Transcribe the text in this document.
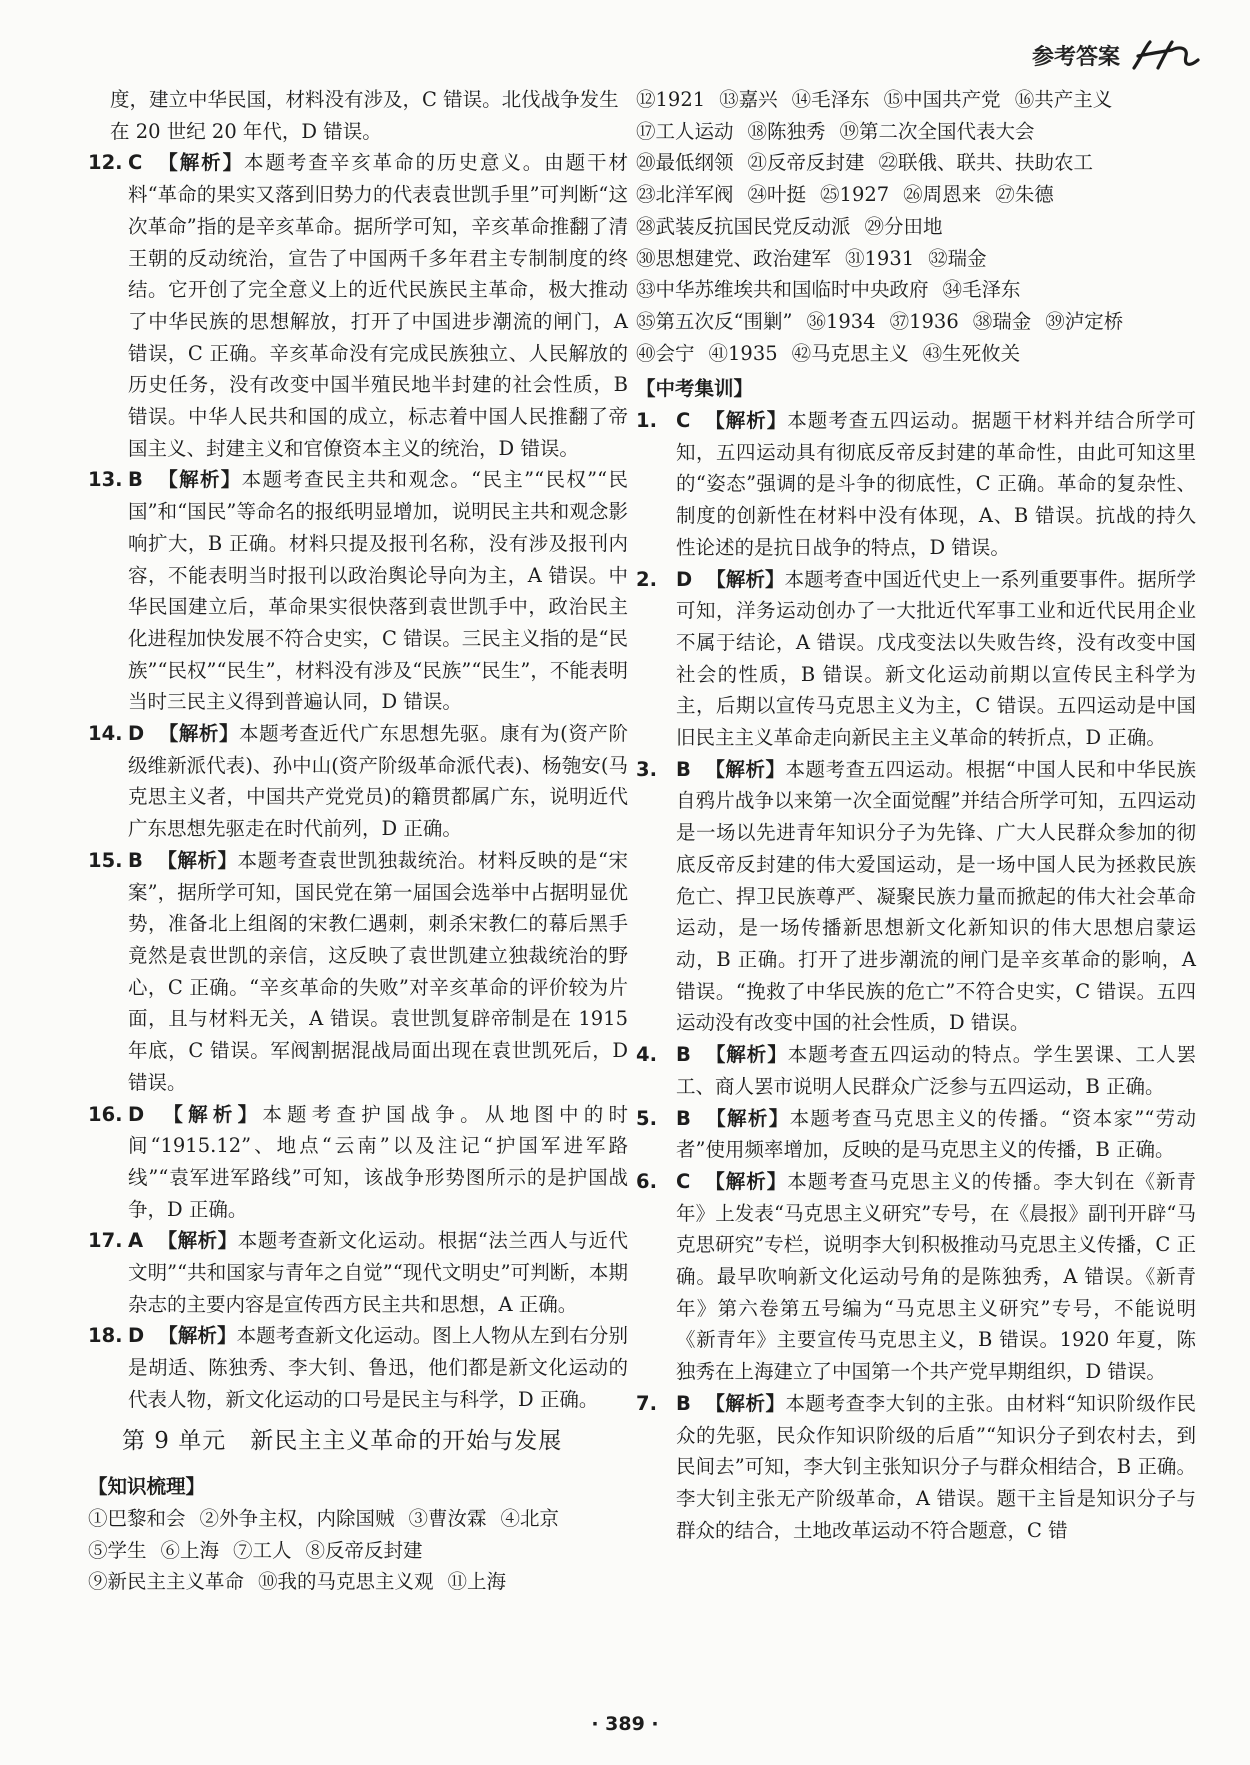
参考答案

度，建立中华民国，材料没有涉及，C 错误。北伐战争发生在 20 世纪 20 年代，D 错误。

12. C 【解析】本题考查辛亥革命的历史意义。由题干材料“革命的果实又落到旧势力的代表袁世凯手里”可判断“这次革命”指的是辛亥革命。据所学可知，辛亥革命推翻了清王朝的反动统治，宣告了中国两千多年君主专制制度的终结。它开创了完全意义上的近代民族民主革命，极大推动了中华民族的思想解放，打开了中国进步潮流的闸门，A 错误，C 正确。辛亥革命没有完成民族独立、人民解放的历史任务，没有改变中国半殖民地半封建的社会性质，B 错误。中华人民共和国的成立，标志着中国人民推翻了帝国主义、封建主义和官僚资本主义的统治，D 错误。
13. B 【解析】本题考查民主共和观念。“民主”“民权”“民国”和“国民”等命名的报纸明显增加，说明民主共和观念影响扩大，B 正确。材料只提及报刊名称，没有涉及报刊内容，不能表明当时报刊以政治舆论导向为主，A 错误。中华民国建立后，革命果实很快落到袁世凯手中，政治民主化进程加快发展不符合史实，C 错误。三民主义指的是“民族”“民权”“民生”，材料没有涉及“民族”“民生”，不能表明当时三民主义得到普遍认同，D 错误。
14. D 【解析】本题考查近代广东思想先驱。康有为(资产阶级维新派代表)、孙中山(资产阶级革命派代表)、杨匏安(马克思主义者，中国共产党党员)的籍贯都属广东，说明近代广东思想先驱走在时代前列，D 正确。
15. B 【解析】本题考查袁世凯独裁统治。材料反映的是“宋案”，据所学可知，国民党在第一届国会选举中占据明显优势，准备北上组阁的宋教仁遇刺，刺杀宋教仁的幕后黑手竟然是袁世凯的亲信，这反映了袁世凯建立独裁统治的野心，C 正确。“辛亥革命的失败”对辛亥革命的评价较为片面，且与材料无关，A 错误。袁世凯复辟帝制是在 1915 年底，C 错误。军阀割据混战局面出现在袁世凯死后，D 错误。
16. D 【解析】本题考查护国战争。从地图中的时间“1915.12”、地点“云南”以及注记“护国军进军路线”“袁军进军路线”可知，该战争形势图所示的是护国战争，D 正确。
17. A 【解析】本题考查新文化运动。根据“法兰西人与近代文明”“共和国家与青年之自觉”“现代文明史”可判断，本期杂志的主要内容是宣传西方民主共和思想，A 正确。
18. D 【解析】本题考查新文化运动。图上人物从左到右分别是胡适、陈独秀、李大钊、鲁迅，他们都是新文化运动的代表人物，新文化运动的口号是民主与科学，D 正确。
第 9 单元　新民主主义革命的开始与发展
【知识梳理】

①巴黎和会 ②外争主权，内除国贼 ③曹汝霖 ④北京

⑤学生 ⑥上海 ⑦工人 ⑧反帝反封建

⑨新民主主义革命 ⑩我的马克思主义观 ⑪上海

⑫1921 ⑬嘉兴 ⑭毛泽东 ⑮中国共产党 ⑯共产主义

⑰工人运动 ⑱陈独秀 ⑲第二次全国代表大会

⑳最低纲领 ㉑反帝反封建 ㉒联俄、联共、扶助农工

㉓北洋军阀 ㉔叶挺 ㉕1927 ㉖周恩来 ㉗朱德

㉘武装反抗国民党反动派 ㉙分田地

㉚思想建党、政治建军 ㉛1931 ㉜瑞金

㉝中华苏维埃共和国临时中央政府 ㉞毛泽东

㉟第五次反“围剿” ㊱1934 ㊲1936 ㊳瑞金 ㊴泸定桥

㊵会宁 ㊶1935 ㊷马克思主义 ㊸生死攸关

【中考集训】
1. C 【解析】本题考查五四运动。据题干材料并结合所学可知，五四运动具有彻底反帝反封建的革命性，由此可知这里的“姿态”强调的是斗争的彻底性，C 正确。革命的复杂性、制度的创新性在材料中没有体现，A、B 错误。抗战的持久性论述的是抗日战争的特点，D 错误。
2. D 【解析】本题考查中国近代史上一系列重要事件。据所学可知，洋务运动创办了一大批近代军事工业和近代民用企业不属于结论，A 错误。戊戌变法以失败告终，没有改变中国社会的性质，B 错误。新文化运动前期以宣传民主科学为主，后期以宣传马克思主义为主，C 错误。五四运动是中国旧民主主义革命走向新民主主义革命的转折点，D 正确。
3. B 【解析】本题考查五四运动。根据“中国人民和中华民族自鸦片战争以来第一次全面觉醒”并结合所学可知，五四运动是一场以先进青年知识分子为先锋、广大人民群众参加的彻底反帝反封建的伟大爱国运动，是一场中国人民为拯救民族危亡、捍卫民族尊严、凝聚民族力量而掀起的伟大社会革命运动，是一场传播新思想新文化新知识的伟大思想启蒙运动，B 正确。打开了进步潮流的闸门是辛亥革命的影响，A 错误。“挽救了中华民族的危亡”不符合史实，C 错误。五四运动没有改变中国的社会性质，D 错误。
4. B 【解析】本题考查五四运动的特点。学生罢课、工人罢工、商人罢市说明人民群众广泛参与五四运动，B 正确。
5. B 【解析】本题考查马克思主义的传播。“资本家”“劳动者”使用频率增加，反映的是马克思主义的传播，B 正确。
6. C 【解析】本题考查马克思主义的传播。李大钊在《新青年》上发表“马克思主义研究”专号，在《晨报》副刊开辟“马克思研究”专栏，说明李大钊积极推动马克思主义传播，C 正确。最早吹响新文化运动号角的是陈独秀，A 错误。《新青年》第六卷第五号编为“马克思主义研究”专号，不能说明《新青年》主要宣传马克思主义，B 错误。1920 年夏，陈独秀在上海建立了中国第一个共产党早期组织，D 错误。
7. B 【解析】本题考查李大钊的主张。由材料“知识阶级作民众的先驱，民众作知识阶级的后盾”“知识分子到农村去，到民间去”可知，李大钊主张知识分子与群众相结合，B 正确。李大钊主张无产阶级革命，A 错误。题干主旨是知识分子与群众的结合，土地改革运动不符合题意，C 错
· 389 ·
